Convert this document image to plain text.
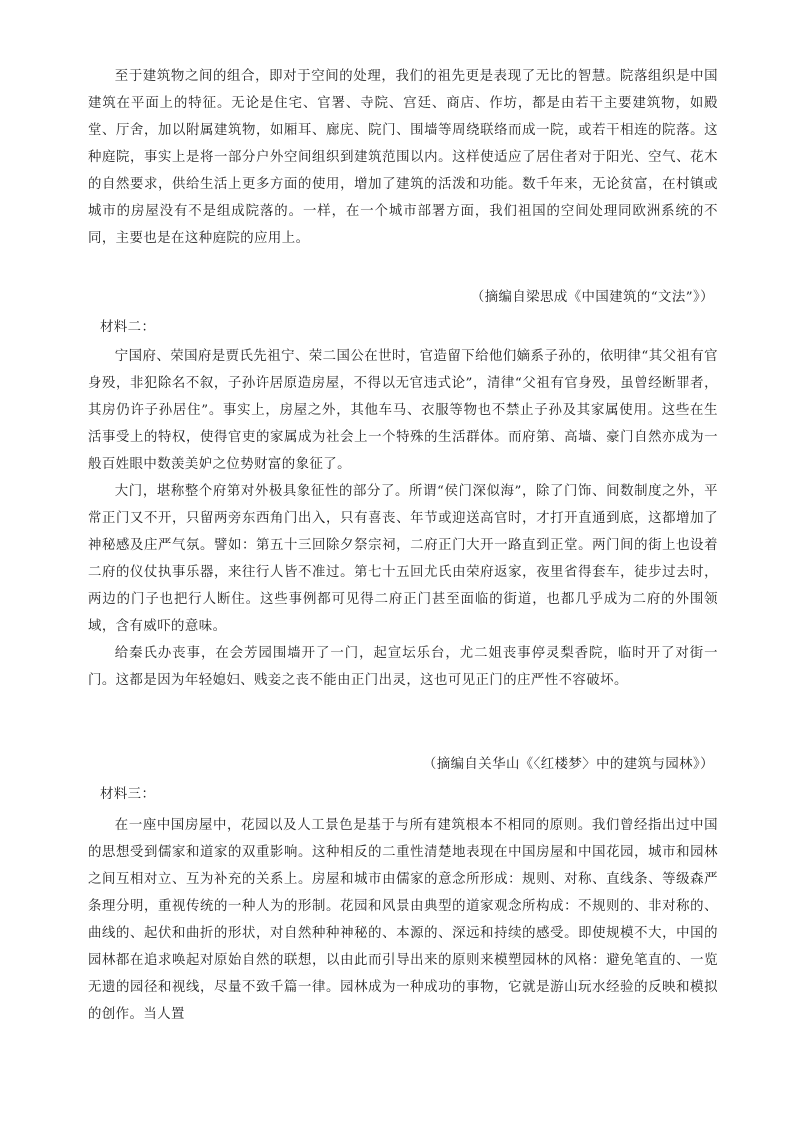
至于建筑物之间的组合，即对于空间的处理，我们的祖先更是表现了无比的智慧。院落组织是中国建筑在平面上的特征。无论是住宅、官署、寺院、宫廷、商店、作坊，都是由若干主要建筑物，如殿堂、厅舍，加以附属建筑物，如厢耳、廊庑、院门、围墙等周绕联络而成一院，或若干相连的院落。这种庭院，事实上是将一部分户外空间组织到建筑范围以内。这样使适应了居住者对于阳光、空气、花木的自然要求，供给生活上更多方面的使用，增加了建筑的活泼和功能。数千年来，无论贫富，在村镇或城市的房屋没有不是组成院落的。一样，在一个城市部署方面，我们祖国的空间处理同欧洲系统的不同，主要也是在这种庭院的应用上。

（摘编自梁思成《中国建筑的“文法”》）
材料二：

宁国府、荣国府是贾氏先祖宁、荣二国公在世时，官造留下给他们嫡系子孙的，依明律“其父祖有官身殁，非犯除名不叙，子孙许居原造房屋，不得以无官违式论”，清律“父祖有官身殁，虽曾经断罪者，其房仍许子孙居住”。事实上，房屋之外，其他车马、衣服等物也不禁止子孙及其家属使用。这些在生活事受上的特权，使得官吏的家属成为社会上一个特殊的生活群体。而府第、高墙、豪门自然亦成为一般百姓眼中数羡美妒之位势财富的象征了。

大门，堪称整个府第对外极具象征性的部分了。所谓“侯门深似海”，除了门饰、间数制度之外，平常正门又不开，只留两旁东西角门出入，只有喜丧、年节或迎送高官时，才打开直通到底，这都增加了神秘感及庄严气氛。譬如：第五十三回除夕祭宗祠，二府正门大开一路直到正堂。两门间的街上也设着二府的仪仗执事乐器，来往行人皆不准过。第七十五回尤氏由荣府返家，夜里省得套车，徒步过去时，两边的门子也把行人断住。这些事例都可见得二府正门甚至面临的街道，也都几乎成为二府的外围领域，含有威吓的意味。

给秦氏办丧事，在会芳园围墙开了一门，起宣坛乐台，尤二姐丧事停灵梨香院，临时开了对街一门。这都是因为年轻媳妇、贱妾之丧不能由正门出灵，这也可见正门的庄严性不容破坏。

（摘编自关华山《〈红楼梦〉中的建筑与园林》）
材料三：

在一座中国房屋中，花园以及人工景色是基于与所有建筑根本不相同的原则。我们曾经指出过中国的思想受到儒家和道家的双重影响。这种相反的二重性清楚地表现在中国房屋和中国花园，城市和园林之间互相对立、互为补充的关系上。房屋和城市由儒家的意念所形成：规则、对称、直线条、等级森严条理分明，重视传统的一种人为的形制。花园和风景由典型的道家观念所构成：不规则的、非对称的、曲线的、起伏和曲折的形状，对自然种种神秘的、本源的、深远和持续的感受。即使规模不大，中国的园林都在追求唤起对原始自然的联想，以由此而引导出来的原则来模塑园林的风格：避免笔直的、一览无遗的园径和视线，尽量不致千篇一律。园林成为一种成功的事物，它就是游山玩水经验的反映和模拟的创作。当人置
